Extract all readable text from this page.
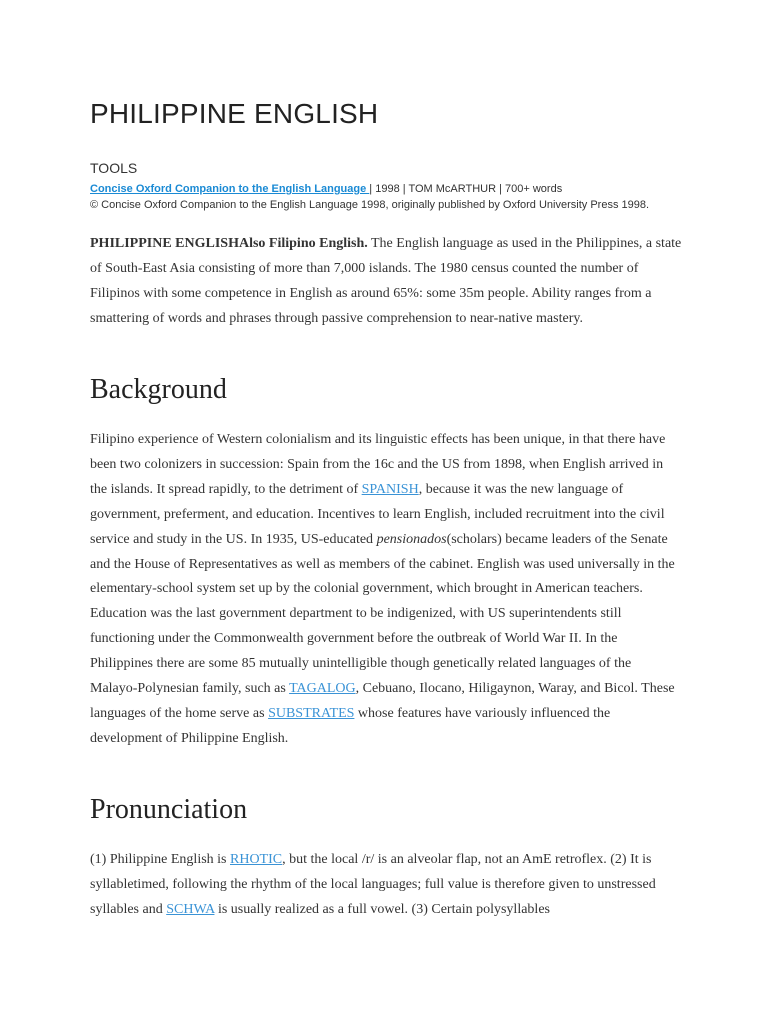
PHILIPPINE ENGLISH
TOOLS
Concise Oxford Companion to the English Language | 1998 | TOM McARTHUR | 700+ words
© Concise Oxford Companion to the English Language 1998, originally published by Oxford University Press 1998.

PHILIPPINE ENGLISHAlso Filipino English. The English language as used in the Philippines, a state of South-East Asia consisting of more than 7,000 islands. The 1980 census counted the number of Filipinos with some competence in English as around 65%: some 35m people. Ability ranges from a smattering of words and phrases through passive comprehension to near-native mastery.

Background

Filipino experience of Western colonialism and its linguistic effects has been unique, in that there have been two colonizers in succession: Spain from the 16c and the US from 1898, when English arrived in the islands. It spread rapidly, to the detriment of SPANISH, because it was the new language of government, preferment, and education. Incentives to learn English, included recruitment into the civil service and study in the US. In 1935, US-educated pensionados(scholars) became leaders of the Senate and the House of Representatives as well as members of the cabinet. English was used universally in the elementary-school system set up by the colonial government, which brought in American teachers. Education was the last government department to be indigenized, with US superintendents still functioning under the Commonwealth government before the outbreak of World War II. In the Philippines there are some 85 mutually unintelligible though genetically related languages of the Malayo-Polynesian family, such as TAGALOG, Cebuano, Ilocano, Hiligaynon, Waray, and Bicol. These languages of the home serve as SUBSTRATES whose features have variously influenced the development of Philippine English.

Pronunciation

(1) Philippine English is RHOTIC, but the local /r/ is an alveolar flap, not an AmE retroflex. (2) It is syllabletimed, following the rhythm of the local languages; full value is therefore given to unstressed syllables and SCHWA is usually realized as a full vowel. (3) Certain polysyllables
